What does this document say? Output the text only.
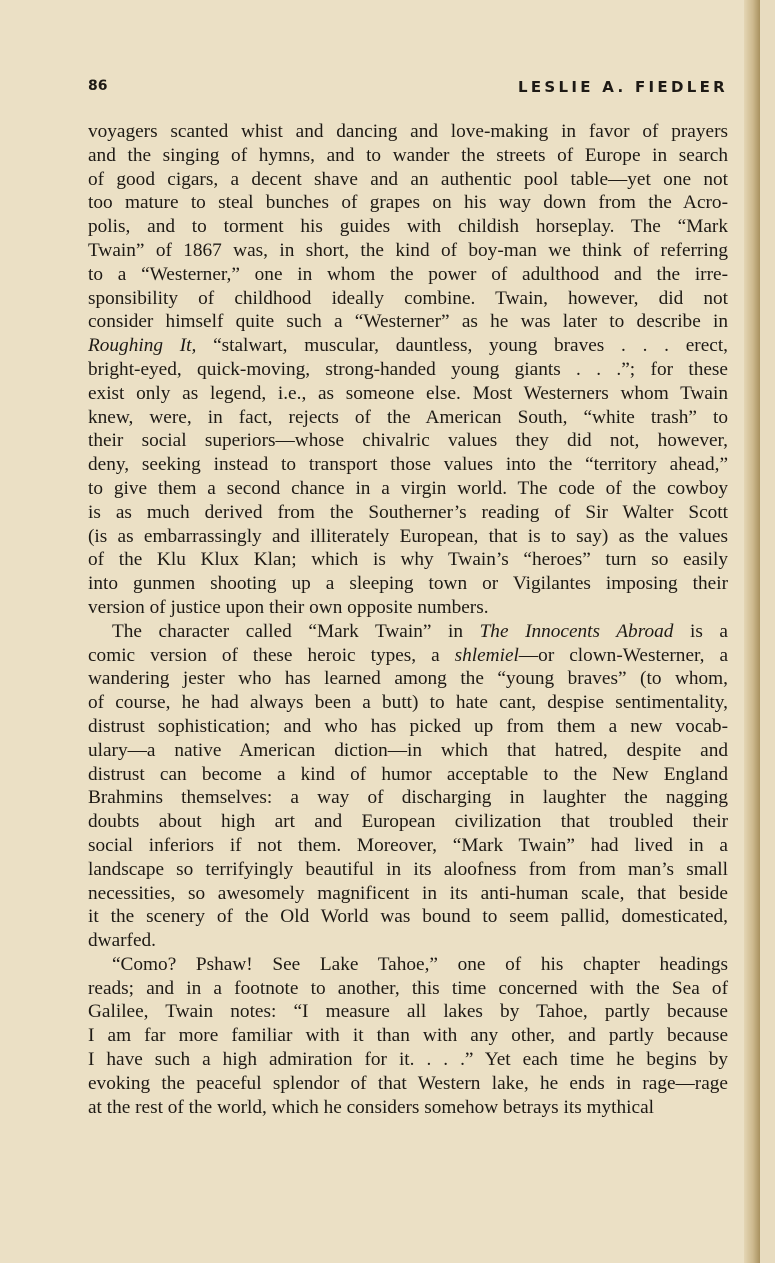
86	LESLIE A. FIEDLER
voyagers scanted whist and dancing and love-making in favor of prayers
and the singing of hymns, and to wander the streets of Europe in search
of good cigars, a decent shave and an authentic pool table—yet one not
too mature to steal bunches of grapes on his way down from the Acro-
polis, and to torment his guides with childish horseplay. The “Mark
Twain” of 1867 was, in short, the kind of boy-man we think of referring
to a “Westerner,” one in whom the power of adulthood and the irre-
sponsibility of childhood ideally combine. Twain, however, did not
consider himself quite such a “Westerner” as he was later to describe in
Roughing It, “stalwart, muscular, dauntless, young braves . . . erect,
bright-eyed, quick-moving, strong-handed young giants . . .”; for these
exist only as legend, i.e., as someone else. Most Westerners whom Twain
knew, were, in fact, rejects of the American South, “white trash” to
their social superiors—whose chivalric values they did not, however,
deny, seeking instead to transport those values into the “territory ahead,”
to give them a second chance in a virgin world. The code of the cowboy
is as much derived from the Southerner’s reading of Sir Walter Scott
(is as embarrassingly and illiterately European, that is to say) as the values
of the Klu Klux Klan; which is why Twain’s “heroes” turn so easily
into gunmen shooting up a sleeping town or Vigilantes imposing their
version of justice upon their own opposite numbers.
The character called “Mark Twain” in The Innocents Abroad is a
comic version of these heroic types, a shlemiel—or clown-Westerner, a
wandering jester who has learned among the “young braves” (to whom,
of course, he had always been a butt) to hate cant, despise sentimentality,
distrust sophistication; and who has picked up from them a new vocab-
ulary—a native American diction—in which that hatred, despite and
distrust can become a kind of humor acceptable to the New England
Brahmins themselves: a way of discharging in laughter the nagging
doubts about high art and European civilization that troubled their
social inferiors if not them. Moreover, “Mark Twain” had lived in a
landscape so terrifyingly beautiful in its aloofness from from man’s small
necessities, so awesomely magnificent in its anti-human scale, that beside
it the scenery of the Old World was bound to seem pallid, domesticated,
dwarfed.
“Como? Pshaw! See Lake Tahoe,” one of his chapter headings
reads; and in a footnote to another, this time concerned with the Sea of
Galilee, Twain notes: “I measure all lakes by Tahoe, partly because
I am far more familiar with it than with any other, and partly because
I have such a high admiration for it. . . .” Yet each time he begins by
evoking the peaceful splendor of that Western lake, he ends in rage—rage
at the rest of the world, which he considers somehow betrays its mythical
